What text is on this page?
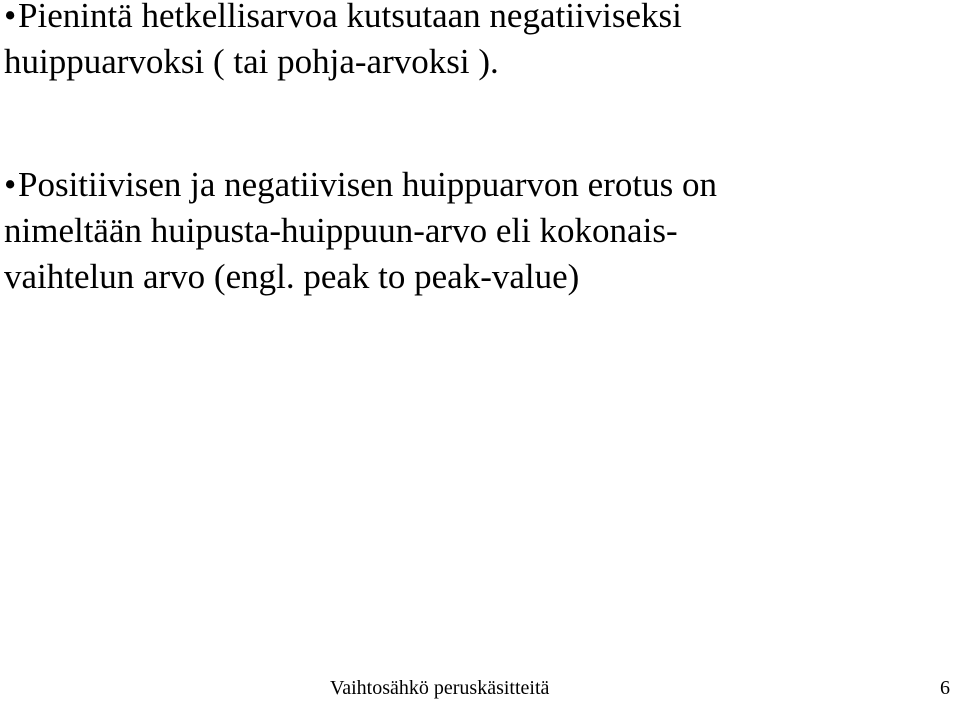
•Pienintä hetkellisarvoa kutsutaan negatiiviseksi
huippuarvoksi ( tai pohja-arvoksi ).
•Positiivisen ja negatiivisen huippuarvon erotus on
nimeltään huipusta-huippuun-arvo eli kokonais-
vaihtelun arvo (engl. peak to peak-value)
Vaihtosähkö peruskäsitteitä	6
